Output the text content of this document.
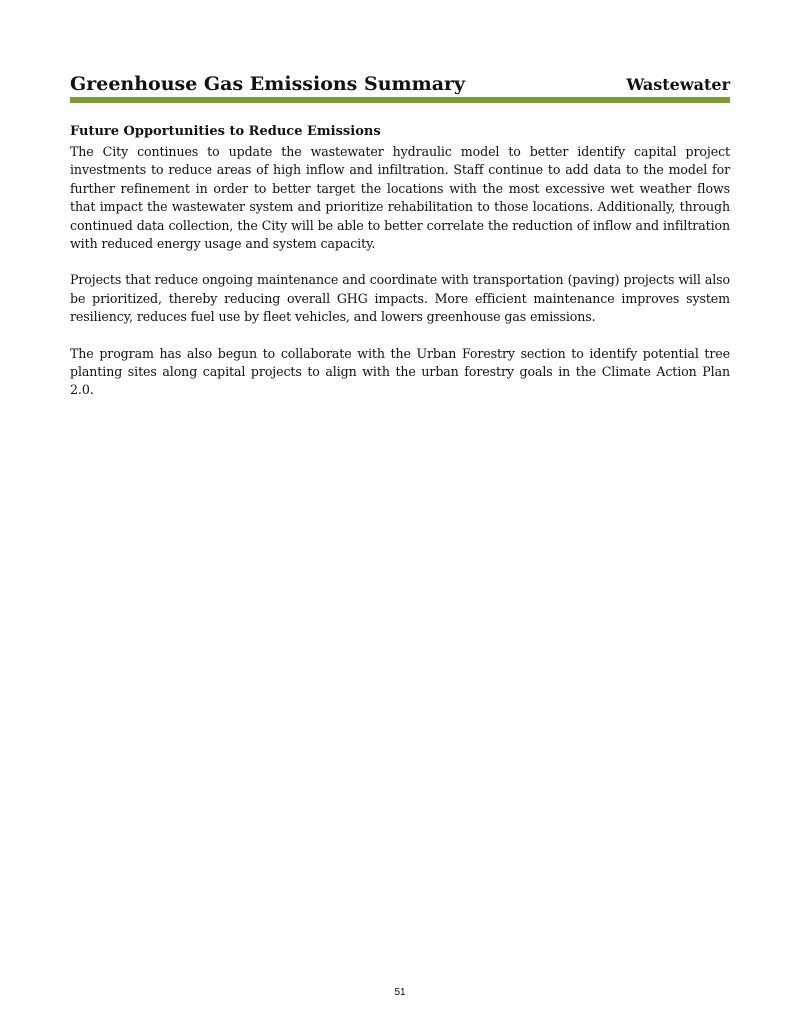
Greenhouse Gas Emissions Summary	Wastewater
Future Opportunities to Reduce Emissions

The City continues to update the wastewater hydraulic model to better identify capital project investments to reduce areas of high inflow and infiltration. Staff continue to add data to the model for further refinement in order to better target the locations with the most excessive wet weather flows that impact the wastewater system and prioritize rehabilitation to those locations. Additionally, through continued data collection, the City will be able to better correlate the reduction of inflow and infiltration with reduced energy usage and system capacity.

Projects that reduce ongoing maintenance and coordinate with transportation (paving) projects will also be prioritized, thereby reducing overall GHG impacts. More efficient maintenance improves system resiliency, reduces fuel use by fleet vehicles, and lowers greenhouse gas emissions.

The program has also begun to collaborate with the Urban Forestry section to identify potential tree planting sites along capital projects to align with the urban forestry goals in the Climate Action Plan 2.0.

51
